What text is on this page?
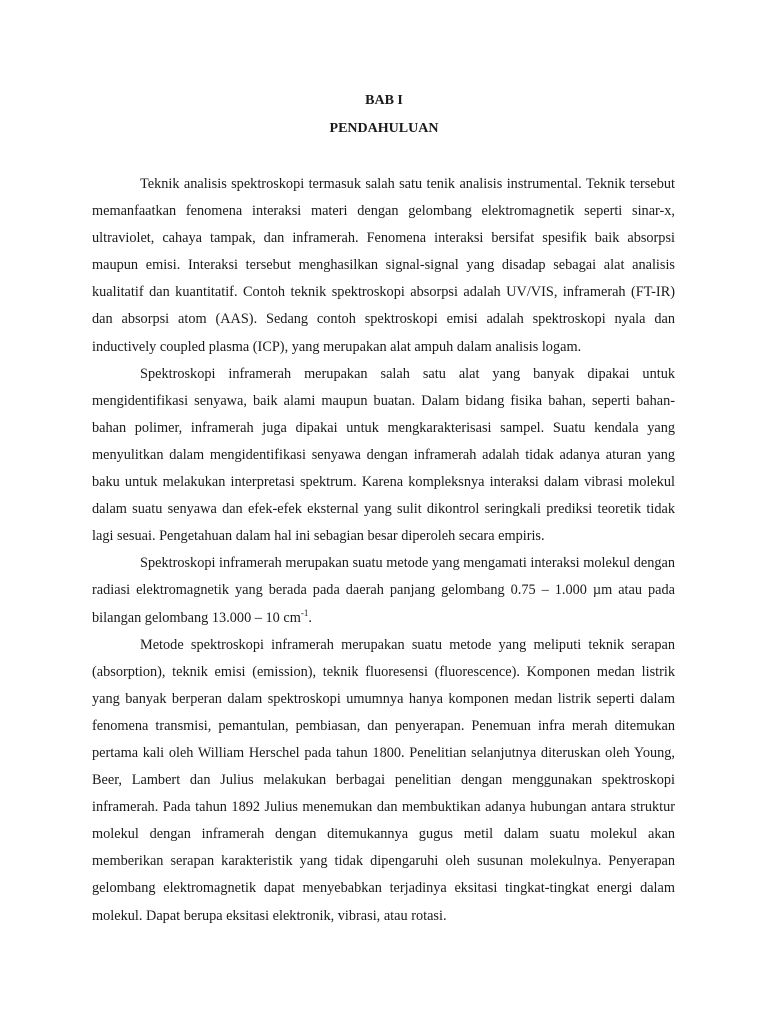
BAB I
PENDAHULUAN

Teknik analisis spektroskopi termasuk salah satu tenik analisis instrumental. Teknik tersebut memanfaatkan fenomena interaksi materi dengan gelombang elektromagnetik seperti sinar-x, ultraviolet, cahaya tampak, dan inframerah. Fenomena interaksi bersifat spesifik baik absorpsi maupun emisi. Interaksi tersebut menghasilkan signal-signal yang disadap sebagai alat analisis kualitatif dan kuantitatif. Contoh teknik spektroskopi absorpsi adalah UV/VIS, inframerah (FT-IR) dan absorpsi atom (AAS). Sedang contoh spektroskopi emisi adalah spektroskopi nyala dan inductively coupled plasma (ICP), yang merupakan alat ampuh dalam analisis logam.

Spektroskopi inframerah merupakan salah satu alat yang banyak dipakai untuk mengidentifikasi senyawa, baik alami maupun buatan. Dalam bidang fisika bahan, seperti bahan-bahan polimer, inframerah juga dipakai untuk mengkarakterisasi sampel. Suatu kendala yang menyulitkan dalam mengidentifikasi senyawa dengan inframerah adalah tidak adanya aturan yang baku untuk melakukan interpretasi spektrum. Karena kompleksnya interaksi dalam vibrasi molekul dalam suatu senyawa dan efek-efek eksternal yang sulit dikontrol seringkali prediksi teoretik tidak lagi sesuai. Pengetahuan dalam hal ini sebagian besar diperoleh secara empiris.

Spektroskopi inframerah merupakan suatu metode yang mengamati interaksi molekul dengan radiasi elektromagnetik yang berada pada daerah panjang gelombang 0.75 – 1.000 µm atau pada bilangan gelombang 13.000 – 10 $cm^{-1}$.

Metode spektroskopi inframerah merupakan suatu metode yang meliputi teknik serapan (absorption), teknik emisi (emission), teknik fluoresensi (fluorescence). Komponen medan listrik yang banyak berperan dalam spektroskopi umumnya hanya komponen medan listrik seperti dalam fenomena transmisi, pemantulan, pembiasan, dan penyerapan. Penemuan infra merah ditemukan pertama kali oleh William Herschel pada tahun 1800. Penelitian selanjutnya diteruskan oleh Young, Beer, Lambert dan Julius melakukan berbagai penelitian dengan menggunakan spektroskopi inframerah. Pada tahun 1892 Julius menemukan dan membuktikan adanya hubungan antara struktur molekul dengan inframerah dengan ditemukannya gugus metil dalam suatu molekul akan memberikan serapan karakteristik yang tidak dipengaruhi oleh susunan molekulnya. Penyerapan gelombang elektromagnetik dapat menyebabkan terjadinya eksitasi tingkat-tingkat energi dalam molekul. Dapat berupa eksitasi elektronik, vibrasi, atau rotasi.
